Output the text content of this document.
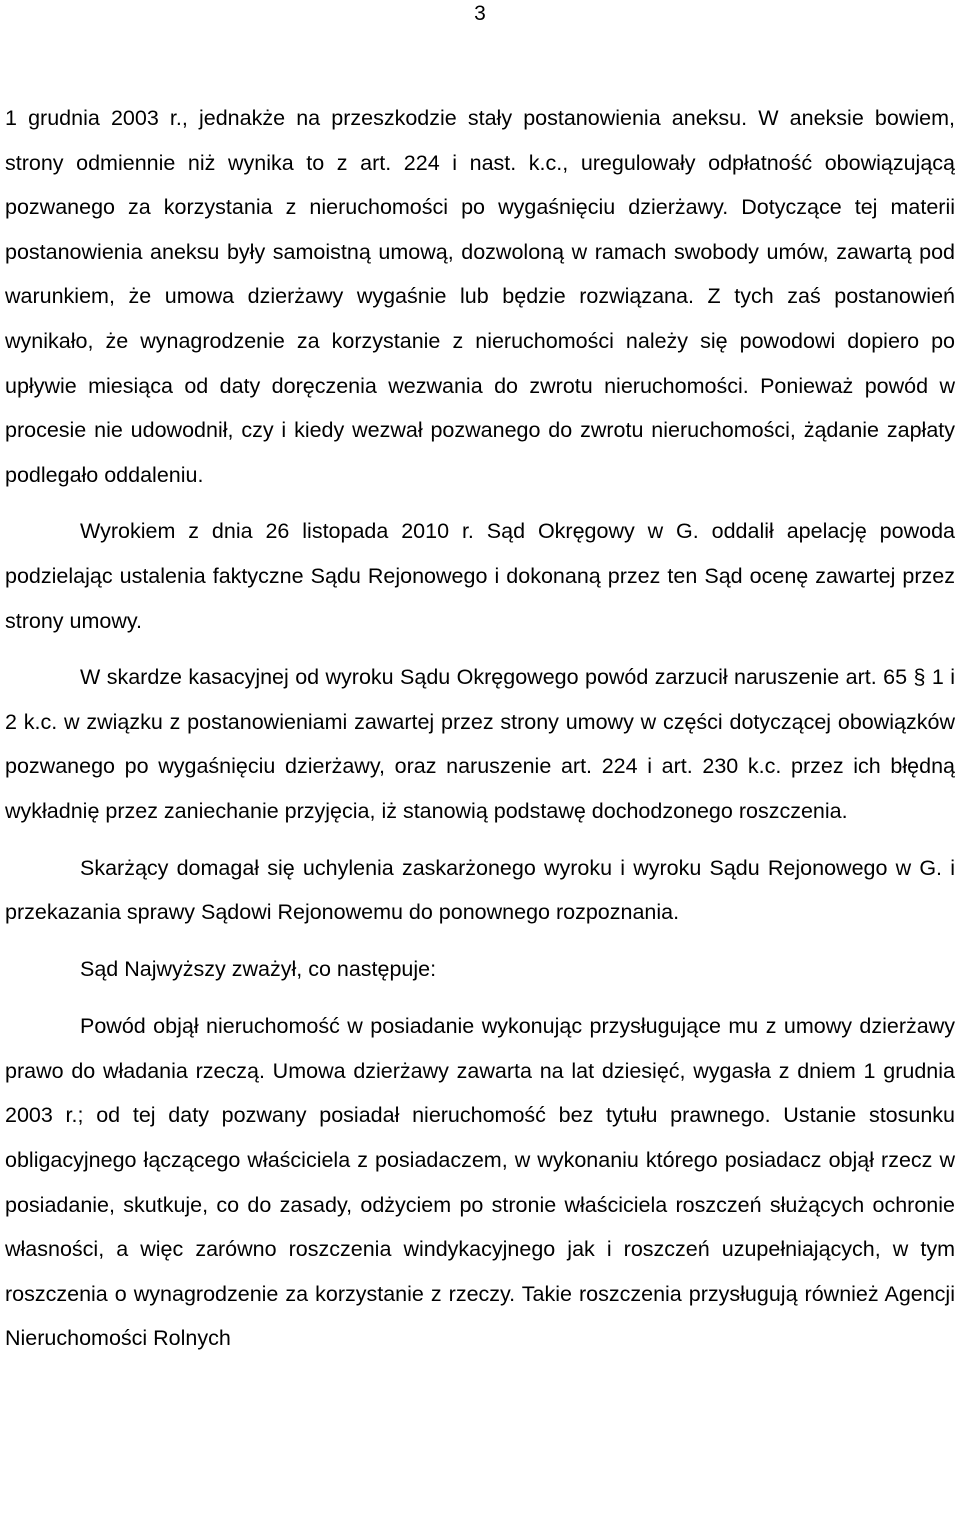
3

1 grudnia 2003 r., jednakże na przeszkodzie stały postanowienia aneksu. W aneksie bowiem, strony odmiennie niż wynika to z art. 224 i nast. k.c., uregulowały odpłatność obowiązującą pozwanego za korzystania z nieruchomości po wygaśnięciu dzierżawy. Dotyczące tej materii postanowienia aneksu były samoistną umową, dozwoloną w ramach swobody umów, zawartą pod warunkiem, że umowa dzierżawy wygaśnie lub będzie rozwiązana. Z tych zaś postanowień wynikało, że wynagrodzenie za korzystanie z nieruchomości należy się powodowi dopiero po upływie miesiąca od daty doręczenia wezwania do zwrotu nieruchomości. Ponieważ powód w procesie nie udowodnił, czy i kiedy wezwał pozwanego do zwrotu nieruchomości, żądanie zapłaty podlegało oddaleniu.

Wyrokiem z dnia 26 listopada 2010 r. Sąd Okręgowy w G. oddalił apelację powoda podzielając ustalenia faktyczne Sądu Rejonowego i dokonaną przez ten Sąd ocenę zawartej przez strony umowy.

W skardze kasacyjnej od wyroku Sądu Okręgowego powód zarzucił naruszenie art. 65 § 1 i 2 k.c. w związku z postanowieniami zawartej przez strony umowy w części dotyczącej obowiązków pozwanego po wygaśnięciu dzierżawy, oraz naruszenie art. 224 i art. 230 k.c. przez ich błędną wykładnię przez zaniechanie przyjęcia, iż stanowią podstawę dochodzonego roszczenia.

Skarżący domagał się uchylenia zaskarżonego wyroku i wyroku Sądu Rejonowego w G. i przekazania sprawy Sądowi Rejonowemu do ponownego rozpoznania.

Sąd Najwyższy zważył, co następuje:

Powód objął nieruchomość w posiadanie wykonując przysługujące mu z umowy dzierżawy prawo do władania rzeczą. Umowa dzierżawy zawarta na lat dziesięć, wygasła z dniem 1 grudnia 2003 r.; od tej daty pozwany posiadał nieruchomość bez tytułu prawnego. Ustanie stosunku obligacyjnego łączącego właściciela z posiadaczem, w wykonaniu którego posiadacz objął rzecz w posiadanie, skutkuje, co do zasady, odżyciem po stronie właściciela roszczeń służących ochronie własności, a więc zarówno roszczenia windykacyjnego jak i roszczeń uzupełniających, w tym roszczenia o wynagrodzenie za korzystanie z rzeczy. Takie roszczenia przysługują również Agencji Nieruchomości Rolnych
